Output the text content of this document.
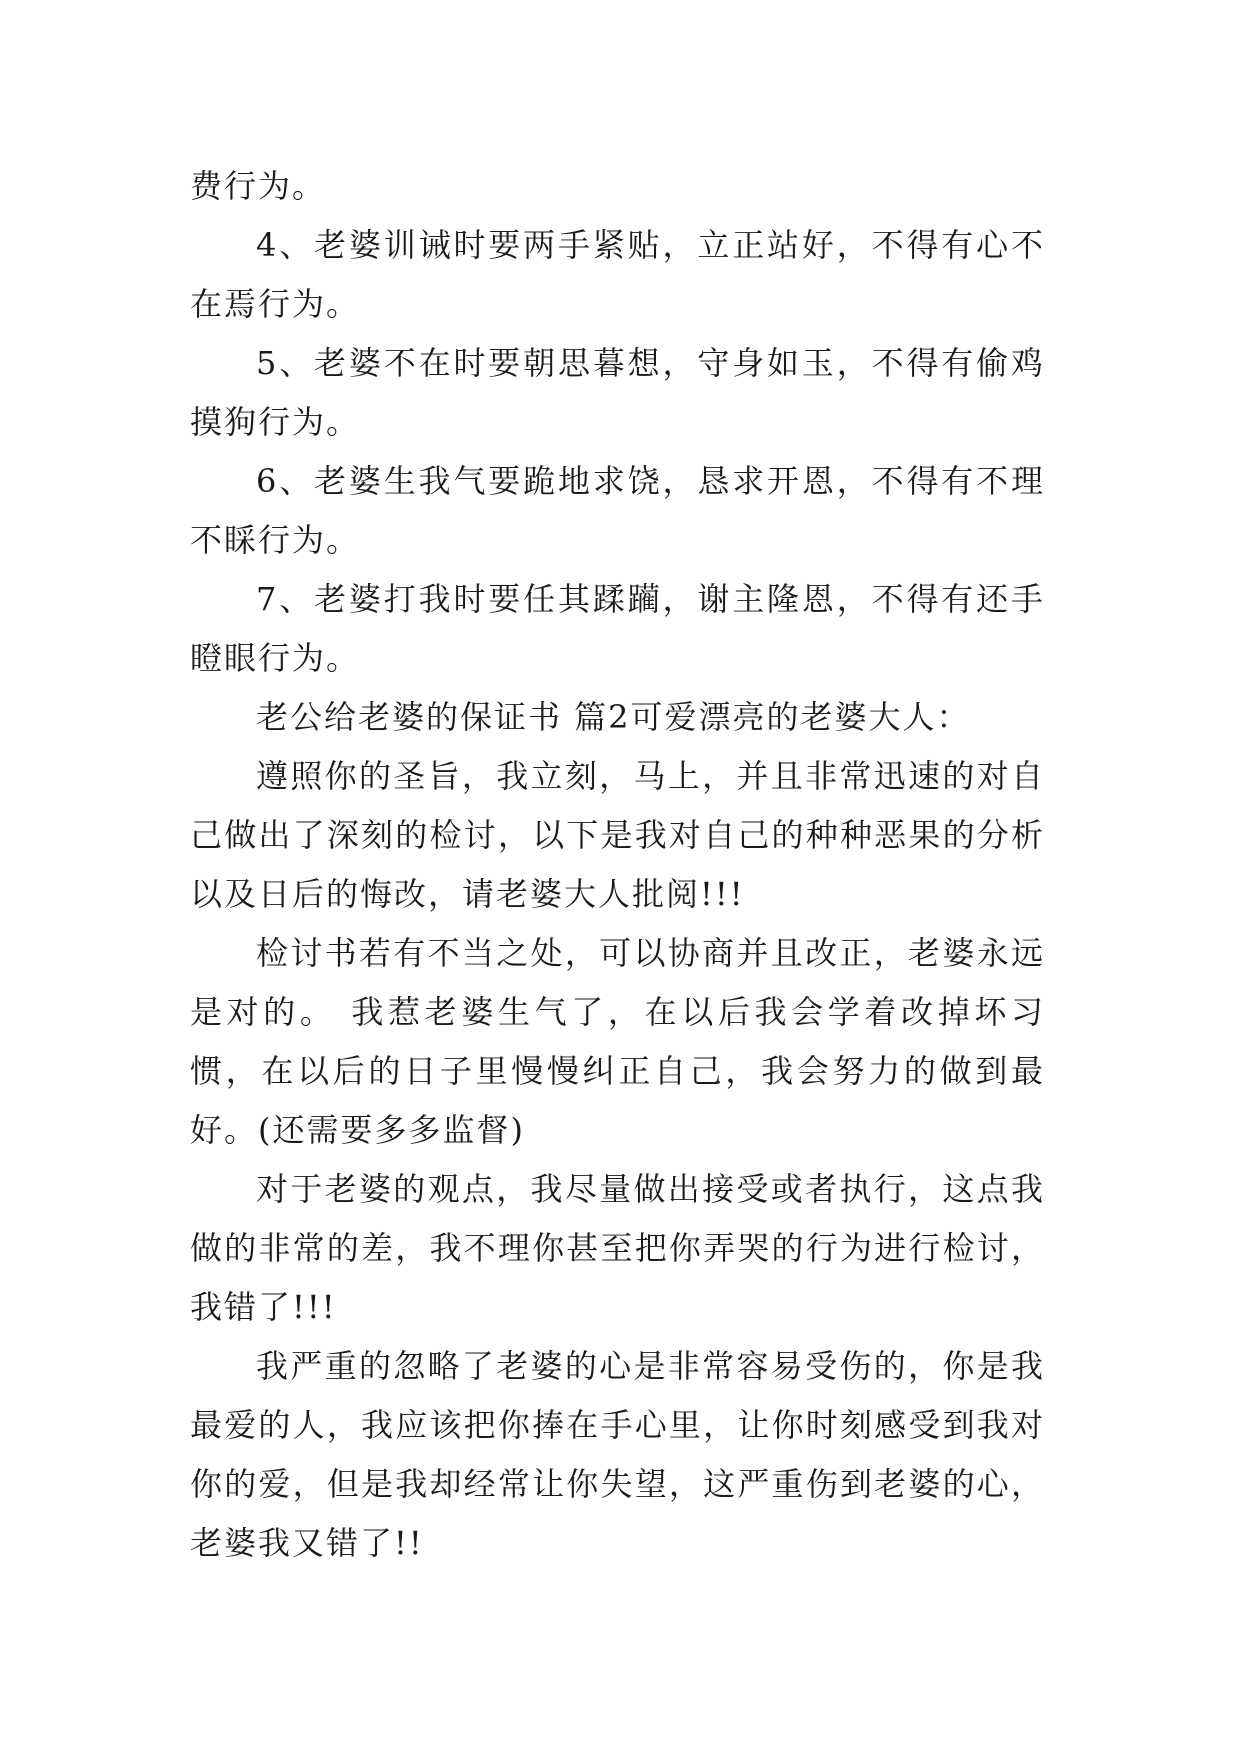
费行为。

4、老婆训诫时要两手紧贴，立正站好，不得有心不在焉行为。

5、老婆不在时要朝思暮想，守身如玉，不得有偷鸡摸狗行为。

6、老婆生我气要跪地求饶，恳求开恩，不得有不理不睬行为。

7、老婆打我时要任其蹂躏，谢主隆恩，不得有还手瞪眼行为。

老公给老婆的保证书 篇2可爱漂亮的老婆大人：

遵照你的圣旨，我立刻，马上，并且非常迅速的对自己做出了深刻的检讨，以下是我对自己的种种恶果的分析以及日后的悔改，请老婆大人批阅!!!

检讨书若有不当之处，可以协商并且改正，老婆永远是对的。 我惹老婆生气了，在以后我会学着改掉坏习惯，在以后的日子里慢慢纠正自己，我会努力的做到最好。(还需要多多监督)

对于老婆的观点，我尽量做出接受或者执行，这点我做的非常的差，我不理你甚至把你弄哭的行为进行检讨，我错了!!!

我严重的忽略了老婆的心是非常容易受伤的，你是我最爱的人，我应该把你捧在手心里，让你时刻感受到我对你的爱，但是我却经常让你失望，这严重伤到老婆的心，老婆我又错了!!
